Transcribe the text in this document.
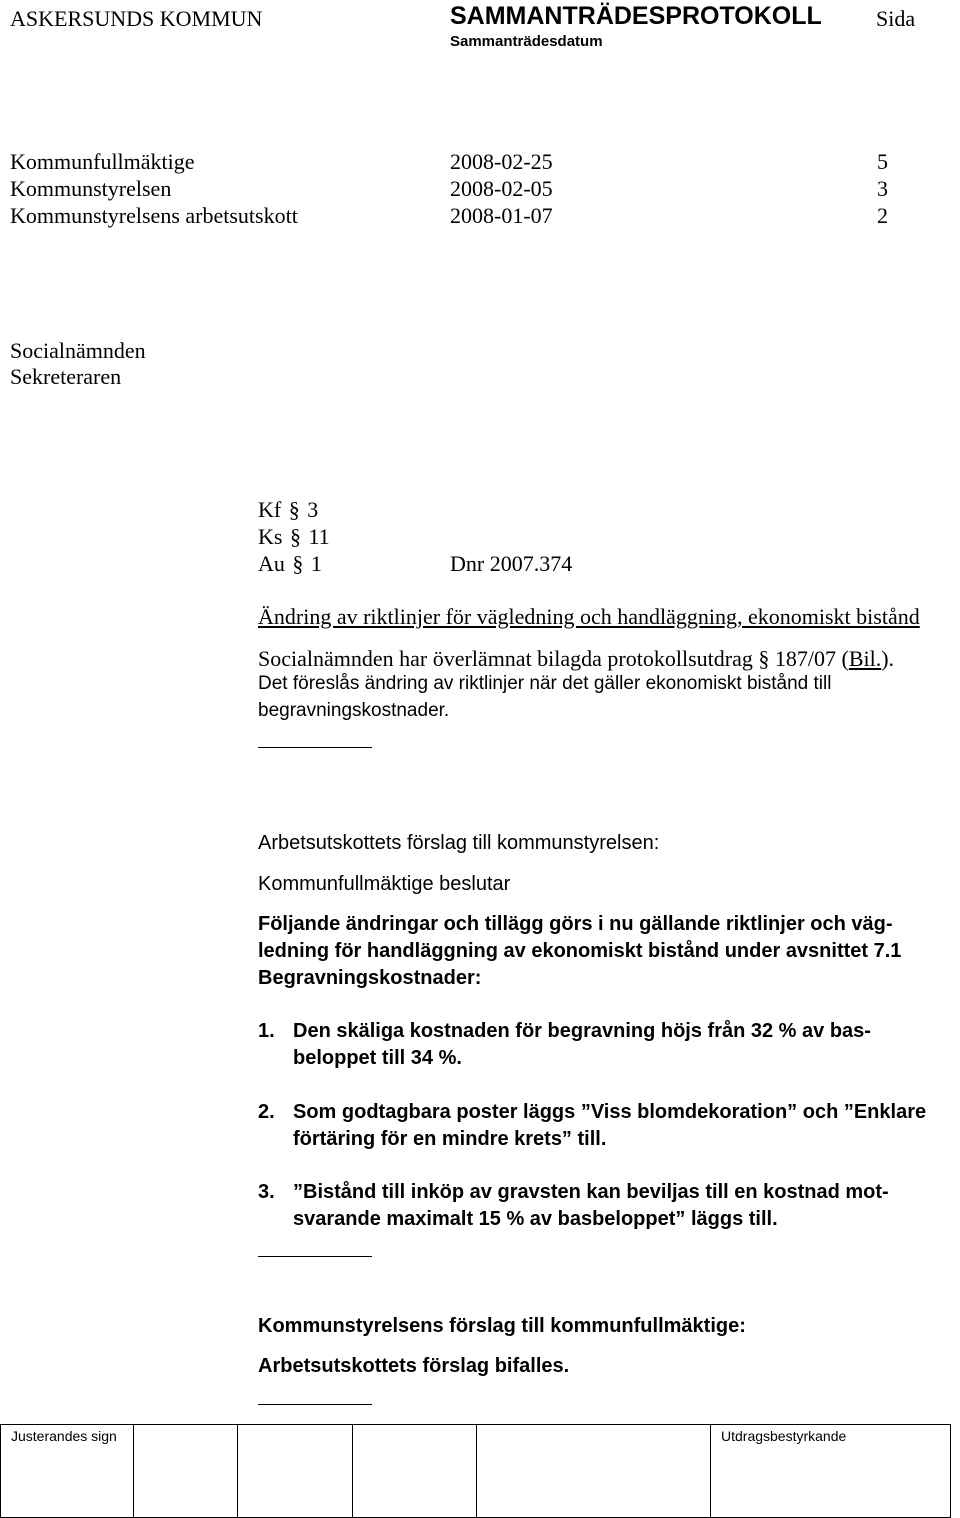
ASKERSUNDS KOMMUN	SAMMANTRÄDESPROTOKOLL Sida
Sammanträdesdatum
Kommunfullmäktige	2008-02-25	5
Kommunstyrelsen	2008-02-05	3
Kommunstyrelsens arbetsutskott	2008-01-07	2
Socialnämnden
Sekreteraren
Kf § 3
Ks § 11
Au § 1	Dnr 2007.374
Ändring av riktlinjer för vägledning och handläggning, ekonomiskt bistånd
Socialnämnden har överlämnat bilagda protokollsutdrag § 187/07 (Bil.).
Det föreslås ändring av riktlinjer när det gäller ekonomiskt bistånd till
begravningskostnader.
Arbetsutskottets förslag till kommunstyrelsen:
Kommunfullmäktige beslutar
Följande ändringar och tillägg görs i nu gällande riktlinjer och väg-
ledning för handläggning av ekonomiskt bistånd under avsnittet 7.1
Begravningskostnader:
1. Den skäliga kostnaden för begravning höjs från 32 % av bas-
beloppet till 34 %.
2. Som godtagbara poster läggs ”Viss blomdekoration” och ”Enklare
förtäring för en mindre krets” till.
3. ”Bistånd till inköp av gravsten kan beviljas till en kostnad mot-
svarande maximalt 15 % av basbeloppet” läggs till.
Kommunstyrelsens förslag till kommunfullmäktige:
Arbetsutskottets förslag bifalles.
Justerandes sign	Utdragsbestyrkande
